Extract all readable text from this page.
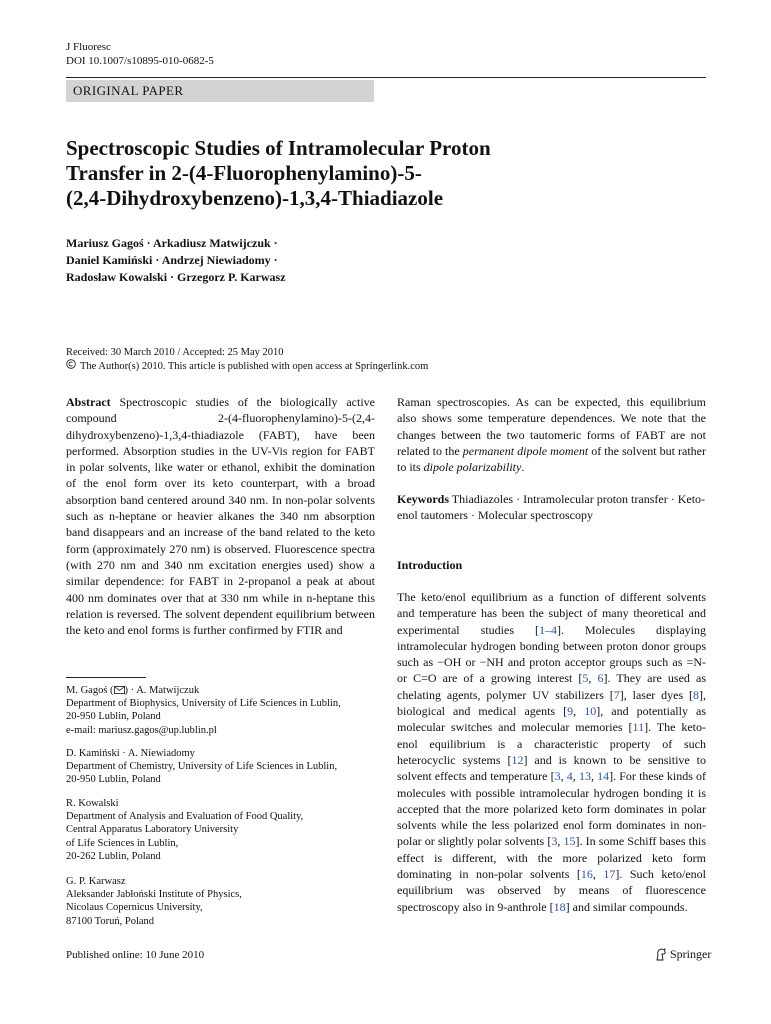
J Fluoresc
DOI 10.1007/s10895-010-0682-5
ORIGINAL PAPER
Spectroscopic Studies of Intramolecular Proton
Transfer in 2-(4-Fluorophenylamino)-5-
(2,4-Dihydroxybenzeno)-1,3,4-Thiadiazole
Mariusz Gagoś · Arkadiusz Matwijczuk ·
Daniel Kamiński · Andrzej Niewiadomy ·
Radosław Kowalski · Grzegorz P. Karwasz
Received: 30 March 2010 / Accepted: 25 May 2010
The Author(s) 2010. This article is published with open access at Springerlink.com

Abstract Spectroscopic studies of the biologically active compound 2-(4-fluorophenylamino)-5-(2,4-dihydroxybenzeno)-1,3,4-thiadiazole (FABT), have been performed. Absorption studies in the UV-Vis region for FABT in polar solvents, like water or ethanol, exhibit the domination of the enol form over its keto counterpart, with a broad absorption band centered around 340 nm. In non-polar solvents such as n-heptane or heavier alkanes the 340 nm absorption band disappears and an increase of the band related to the keto form (approximately 270 nm) is observed. Fluorescence spectra (with 270 nm and 340 nm excitation energies used) show a similar dependence: for FABT in 2-propanol a peak at about 400 nm dominates over that at 330 nm while in n-heptane this relation is reversed. The solvent dependent equilibrium between the keto and enol forms is further confirmed by FTIR and

Raman spectroscopies. As can be expected, this equilibrium also shows some temperature dependences. We note that the changes between the two tautomeric forms of FABT are not related to the permanent dipole moment of the solvent but rather to its dipole polarizability.

Keywords Thiadiazoles · Intramolecular proton transfer · Keto-enol tautomers · Molecular spectroscopy
Introduction

The keto/enol equilibrium as a function of different solvents and temperature has been the subject of many theoretical and experimental studies [1–4]. Molecules displaying intramolecular hydrogen bonding between proton donor groups such as −OH or −NH and proton acceptor groups such as =N- or C=O are of a growing interest [5, 6]. They are used as chelating agents, polymer UV stabilizers [7], laser dyes [8], biological and medical agents [9, 10], and potentially as molecular switches and molecular memories [11]. The keto-enol equilibrium is a characteristic property of such heterocyclic systems [12] and is known to be sensitive to solvent effects and temperature [3, 4, 13, 14]. For these kinds of molecules with possible intramolecular hydrogen bonding it is accepted that the more polarized keto form dominates in polar solvents while the less polarized enol form dominates in non-polar or slightly polar solvents [3, 15]. In some Schiff bases this effect is different, with the more polarized keto form dominating in non-polar solvents [16, 17]. Such keto/enol equilibrium was observed by means of fluorescence spectroscopy also in 9-anthrole [18] and similar compounds.

M. Gagoś ( ) · A. Matwijczuk
Department of Biophysics, University of Life Sciences in Lublin,
20-950 Lublin, Poland
e-mail: mariusz.gagos@up.lublin.pl
D. Kamiński · A. Niewiadomy
Department of Chemistry, University of Life Sciences in Lublin,
20-950 Lublin, Poland
R. Kowalski
Department of Analysis and Evaluation of Food Quality,
Central Apparatus Laboratory University
of Life Sciences in Lublin,
20-262 Lublin, Poland
G. P. Karwasz
Aleksander Jabłoński Institute of Physics,
Nicolaus Copernicus University,
87100 Toruń, Poland
Published online: 10 June 2010	Springer
